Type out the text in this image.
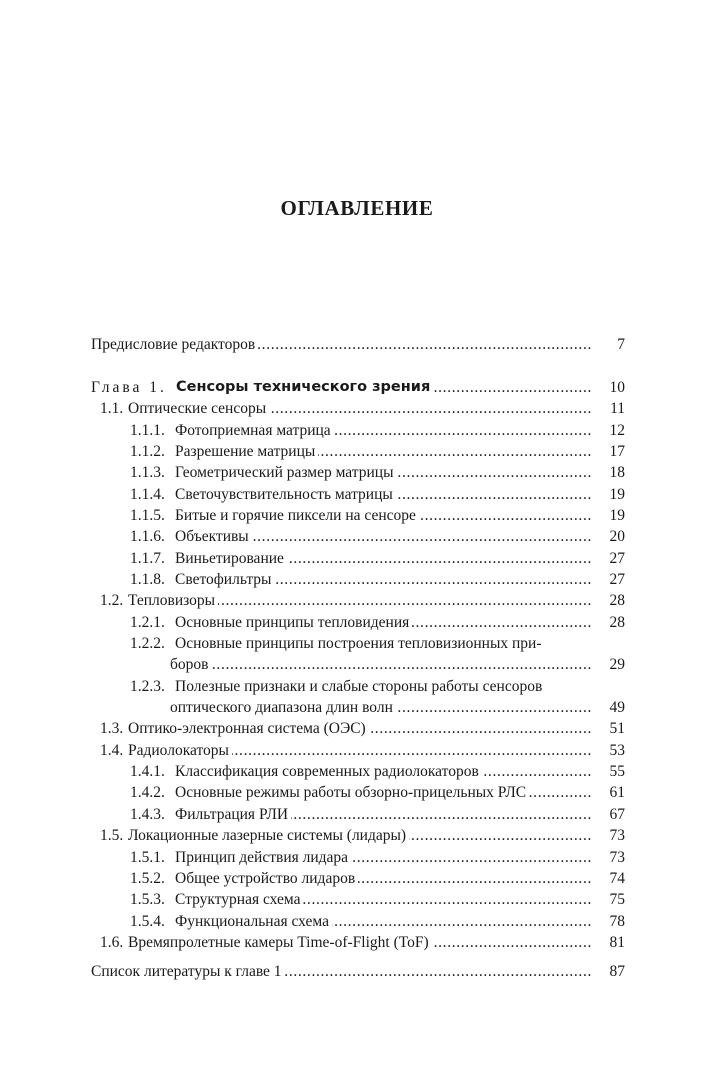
ОГЛАВЛЕНИЕ
Предисловие редакторов .....	7
Глава 1. Сенсоры технического зрения .....	10
1.1. Оптические сенсоры .....	11
1.1.1. Фотоприемная матрица .....	12
1.1.2. Разрешение матрицы .....	17
1.1.3. Геометрический размер матрицы .....	18
1.1.4. Светочувствительность матрицы .....	19
1.1.5. Битые и горячие пиксели на сенсоре .....	19
1.1.6. Объективы .....	20
1.1.7. Виньетирование .....	27
1.1.8. Светофильтры .....	27
1.2. Тепловизоры .....	28
1.2.1. Основные принципы тепловидения .....	28
1.2.2. Основные принципы построения тепловизионных при-
боров .....	29
1.2.3. Полезные признаки и слабые стороны работы сенсоров
оптического диапазона длин волн .....	49
1.3. Оптико-электронная система (ОЭС) .....	51
1.4. Радиолокаторы .....	53
1.4.1. Классификация современных радиолокаторов .....	55
1.4.2. Основные режимы работы обзорно-прицельных РЛС .....	61
1.4.3. Фильтрация РЛИ .....	67
1.5. Локационные лазерные системы (лидары) .....	73
1.5.1. Принцип действия лидара .....	73
1.5.2. Общее устройство лидаров .....	74
1.5.3. Структурная схема .....	75
1.5.4. Функциональная схема .....	78
1.6. Времяпролетные камеры Time-of-Flight (ToF) .....	81
Список литературы к главе 1 .....	87
